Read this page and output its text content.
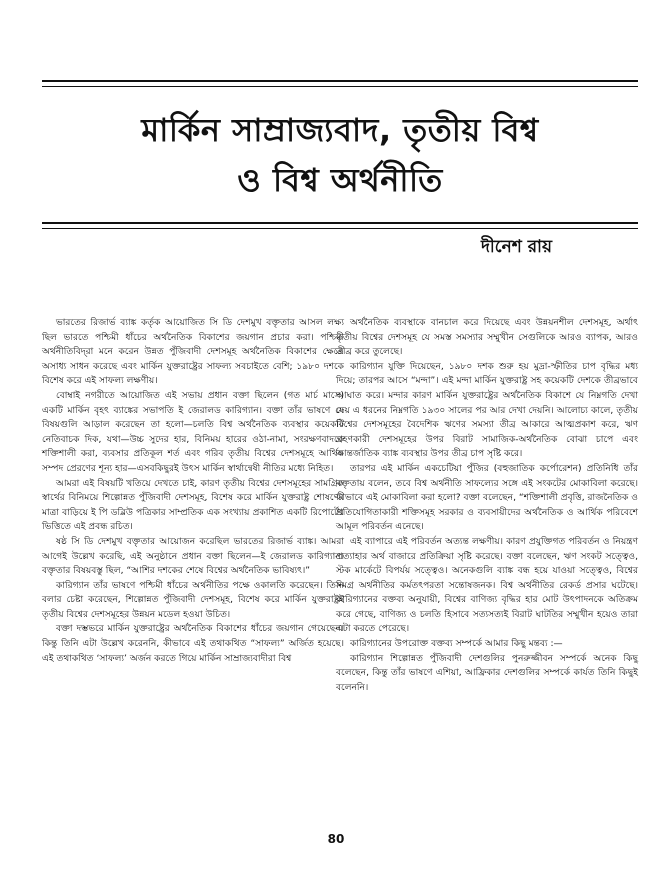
মার্কিন সাম্রাজ্যবাদ, তৃতীয় বিশ্ব
ও বিশ্ব অর্থনীতি

দীনেশ রায়

ভারতের রিজার্ভ ব্যাঙ্ক কর্তৃক আয়োজিত সি ডি দেশমুখ বক্তৃতার আসল লক্ষ্য ছিল ভারতে পশ্চিমী ধাঁচের অর্থনৈতিক বিকাশের জয়গান প্রচার করা। পশ্চিমী অর্থনীতিবিদ্‌রা মনে করেন উন্নত পুঁজিবাদী দেশসমূহ অর্থনৈতিক বিকাশের ক্ষেত্রে অসাধ্য সাধন করেছে এবং মার্কিন যুক্তরাষ্ট্রের সাফল্য সবচাইতে বেশি; ১৯৮০ দশকে বিশেষ করে এই সাফল্য লক্ষণীয়।

বোম্বাই নগরীতে আয়োজিত এই সভায় প্রধান বক্তা ছিলেন (গত মার্চ মাসে) একটি মার্কিন বৃহৎ ব্যাঙ্কের সভাপতি ই জেরালড কারিগ্যান। বক্তা তাঁর ভাষণে যে বিষয়গুলি আড়াল করেছেন তা হলো—চলতি বিশ্ব অর্থনৈতিক ব্যবস্থার কয়েকটি নেতিবাচক দিক, যথা—উচ্চ সুদের হার, বিনিময় হারের ওঠা-নামা, সংরক্ষণবাদকে শক্তিশালী করা, ব্যবসার প্রতিকূল শর্ত এবং গরিব তৃতীয় বিশ্বের দেশসমূহে আর্থিক সম্পদ প্রেরণের শূন্য হার—এসবকিছুরই উৎস মার্কিন স্বার্থান্বেষী নীতির মধ্যে নিহিত।

আমরা এই বিষয়টি খতিয়ে দেখতে চাই, কারণ তৃতীয় বিশ্বের দেশসমূহের সামগ্রিক স্বার্থের বিনিময়ে শিল্পোন্নত পুঁজিবাদী দেশসমূহ, বিশেষ করে মার্কিন যুক্তরাষ্ট্র শোষণের মাত্রা বাড়িয়ে ই পি ডব্লিউ পত্রিকার সাম্প্রতিক এক সংখ্যায় প্রকাশিত একটি রিপোর্টের ভিত্তিতে এই প্রবন্ধ রচিত।

ষষ্ঠ সি ডি দেশমুখ বক্তৃতার আয়োজন করেছিল ভারতের রিজার্ভ ব্যাঙ্ক। আমরা আগেই উল্লেখ করেছি, এই অনুষ্ঠানে প্রধান বক্তা ছিলেন—ই জেরালড কারিগ্যান। বক্তৃতার বিষয়বস্তু ছিল, “আশির দশকের শেষে বিশ্বের অর্থনৈতিক ভাবিষ্যৎ।”

কারিগ্যান তাঁর ভাষণে পশ্চিমী ধাঁচের অর্থনীতির পক্ষে ওকালতি করেছেন। তিনি বলার চেষ্টা করেছেন, শিল্পোন্নত পুঁজিবাদী দেশসমূহ, বিশেষ করে মার্কিন যুক্তরাষ্ট্রই তৃতীয় বিশ্বের দেশসমূহের উন্নয়ন মডেল হওয়া উচিত।

বক্তা দম্ভভরে মার্কিন যুক্তরাষ্ট্রের অর্থনৈতিক বিকাশের ধাঁচের জয়গান গেয়েছেন। কিন্তু তিনি এটা উল্লেখ করেননি, কীভাবে এই তথাকথিত “সাফল্য” অর্জিত হয়েছে। এই তথাকথিত ‘সাফল্য’ অর্জন করতে গিয়ে মার্কিন সাম্রাজ্যবাদীরা বিশ্ব

অর্থনৈতিক ব্যবস্থাকে বানচাল করে দিয়েছে এবং উন্নয়নশীল দেশসমূহ, অর্থাৎ তৃতীয় বিশ্বের দেশসমূহ যে সমস্ত সমস্যার সম্মুখীন সেগুলিকে আরও ব্যাপক, আরও তীব্র করে তুলেছে।

কারিগ্যান যুক্তি দিয়েছেন, ১৯৮০ দশক শুরু হয় মুদ্রা-স্ফীতির চাপ বৃদ্ধির মধ্য দিয়ে; তারপর আসে “মন্দা”। এই মন্দা মার্কিন যুক্তরাষ্ট্র সহ কয়েকটি দেশকে তীব্রভাবে আঘাত করে। মন্দার কারণ মার্কিন যুক্তরাষ্ট্রের অর্থনৈতিক বিকাশে যে নিম্নগতি দেখা দেয় এ ধরনের নিম্নগতি ১৯৩০ সালের পর আর দেখা দেয়নি। আলোচ্য কালে, তৃতীয় বিশ্বের দেশসমূহের বৈদেশিক ঋণের সমস্যা তীব্র আকারে আত্মপ্রকাশ করে, ঋণ গ্রহণকারী দেশসমূহের উপর বিরাট সামাজিক-অর্থনৈতিক বোঝা চাপে এবং আন্তর্জাতিক ব্যাঙ্ক ব্যবস্থার উপর তীব্র চাপ সৃষ্টি করে।

তারপর এই মার্কিন একচেটিয়া পুঁজির (বহুজাতিক কর্পোরেশন) প্রতিনিধি তাঁর বক্তৃতায় বলেন, তবে বিশ্ব অর্থনীতি সাফল্যের সঙ্গে এই সংকটের মোকাবিলা করেছে। কীভাবে এই মোকাবিলা করা হলো? বক্তা বলেছেন, “শক্তিশালী প্রবৃত্তি, রাজনৈতিক ও প্রতিযোগিতাকারী শক্তিসমূহ সরকার ও ব্যবসায়ীদের অর্থনৈতিক ও আর্থিক পরিবেশে আমূল পরিবর্তন এনেছে।

এই ব্যাপারে এই পরিবর্তন অত্যন্ত লক্ষণীয়। কারণ প্রযুক্তিগত পরিবর্তন ও নিয়ন্ত্রণ প্রত্যাহার অর্থ বাজারে প্রতিক্রিয়া সৃষ্টি করেছে। বক্তা বলেছেন, ঋণ সংকট সত্ত্বেও, স্টক মার্কেটে বিপর্যয় সত্ত্বেও। অনেকগুলি ব্যাঙ্ক বন্ধ হয়ে যাওয়া সত্ত্বেও, বিশ্বের সমগ্র অর্থনীতির কর্মতৎপরতা সন্তোষজনক। বিশ্ব অর্থনীতির রেকর্ড প্রসার ঘটেছে। কারিগ্যানের বক্তব্য অনুযায়ী, বিশ্বের বাণিজ্য বৃদ্ধির হার মোট উৎপাদনকে অতিক্রম করে গেছে, বাণিজ্য ও চলতি হিসাবে সত্যসত্যই বিরাট ঘাটতির সম্মুখীন হয়েও তারা এটা করতে পেরেছে।

কারিগ্যানের উপরোক্ত বক্তব্য সম্পর্কে আমার কিছু মন্তব্য :—

কারিগ্যান শিল্পোন্নত পুঁজিবাদী দেশগুলির পুনরুজ্জীবন সম্পর্কে অনেক কিছু বলেছেন, কিন্তু তাঁর ভাষণে এশিয়া, আফ্রিকার দেশগুলির সম্পর্কে কার্যত তিনি কিছুই বলেননি।

80
